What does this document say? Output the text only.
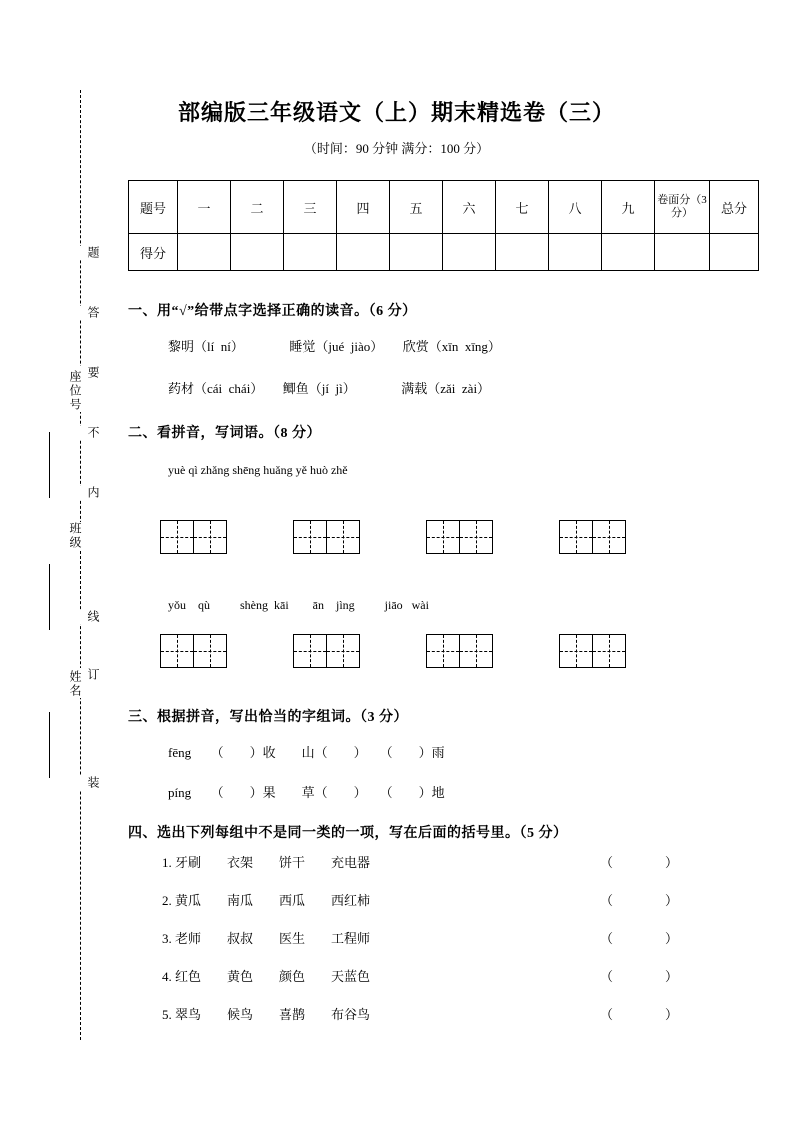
题
答
要
不
内
线
订
装
座位号
班级
姓名
部编版三年级语文（上）期末精选卷（三）
（时间：90 分钟 满分：100 分）
题号	一	二	三	四	五	六	七	八	九	卷面分（3 分）	总分
得分											
一、用“√”给带点字选择正确的读音。（6 分）
黎明（lí  ní）　　　　睡觉（jué  jiào）　　欣赏（xīn  xīng）
药材（cái  chái）　　鲫鱼（jí  jì）　　　　满载（zǎi  zài）
二、看拼音，写词语。（8 分）
yuè qì zhǎng shēng huǎng yě huò zhě
yǒu    qù          shèng  kāi        ān    jìng          jiāo   wài
三、根据拼音，写出恰当的字组词。（3 分）
fēng　　（　　）收　　山（　　）　　（　　）雨
píng　　（　　）果　　草（　　）　　（　　）地
四、选出下列每组中不是同一类的一项，写在后面的括号里。（5 分）
1. 牙刷　　衣架　　饼干　　充电器	（　　　　）
2. 黄瓜　　南瓜　　西瓜　　西红柿	（　　　　）
3. 老师　　叔叔　　医生　　工程师	（　　　　）
4. 红色　　黄色　　颜色　　天蓝色	（　　　　）
5. 翠鸟　　候鸟　　喜鹊　　布谷鸟	（　　　　）
